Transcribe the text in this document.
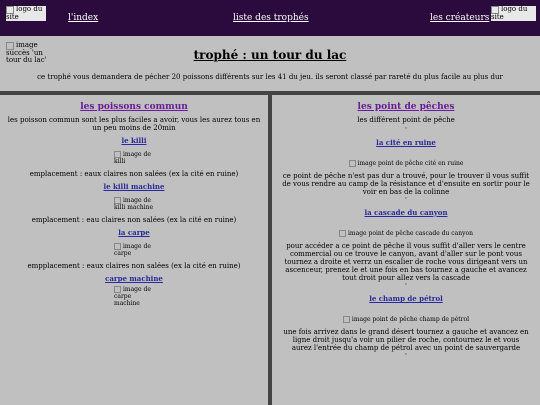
logo du site	l'index	liste des trophés	les créateurs
logo du site
image succès 'un tour du lac'	trophé : un tour du lac
ce trophé vous demandera de pécher 20 poissons différents sur les 41 du jeu. ils seront classé par rareté du plus facile au plus dur
les poissons commun
les poisson commun sont les plus faciles a avoir, vous les aurez tous en un peu moins de 20min
le killi
image de killi
emplacement : eaux claires non salées (ex la cité en ruine)
le killi machine
image de killi machine
emplacement : eau claires non salées (ex la cité en ruine)
la carpe
image de carpe
empplacement : eaux claires non salées (ex la cité en ruine)
carpe machine
image de carpe machine
les point de pêches
les différent point de pêche
'
la cité en ruine
image point de pêche cité en ruine
ce point de pêche n'est pas dur a trouvé, pour le trouver il vous suffit de vous rendre au camp de la résistance et d'ensuite en sortir pour le voir en bas de la colinne
'
la cascade du canyon
image point de pêche cascade du canyon
pour accéder a ce point de pêche il vous suffit d'aller vers le centre commercial ou ce trouve le canyon, avant d'aller sur le pont vous tournez a droite et verrz un escalier de roche vous dirigeant vers un ascenceur, prenez le et une fois en bas tournez a gauche et avancez tout droit pour allez vers la cascade
'
le champ de pétrol
image point de pêche champ de pétrol
une fois arrivez dans le grand désert tournez a gauche et avancez en ligne droit jusqu'a voir un pilier de roche, contournez le et vous aurez l'entrée du champ de pétrol avec un point de sauvergarde
'
